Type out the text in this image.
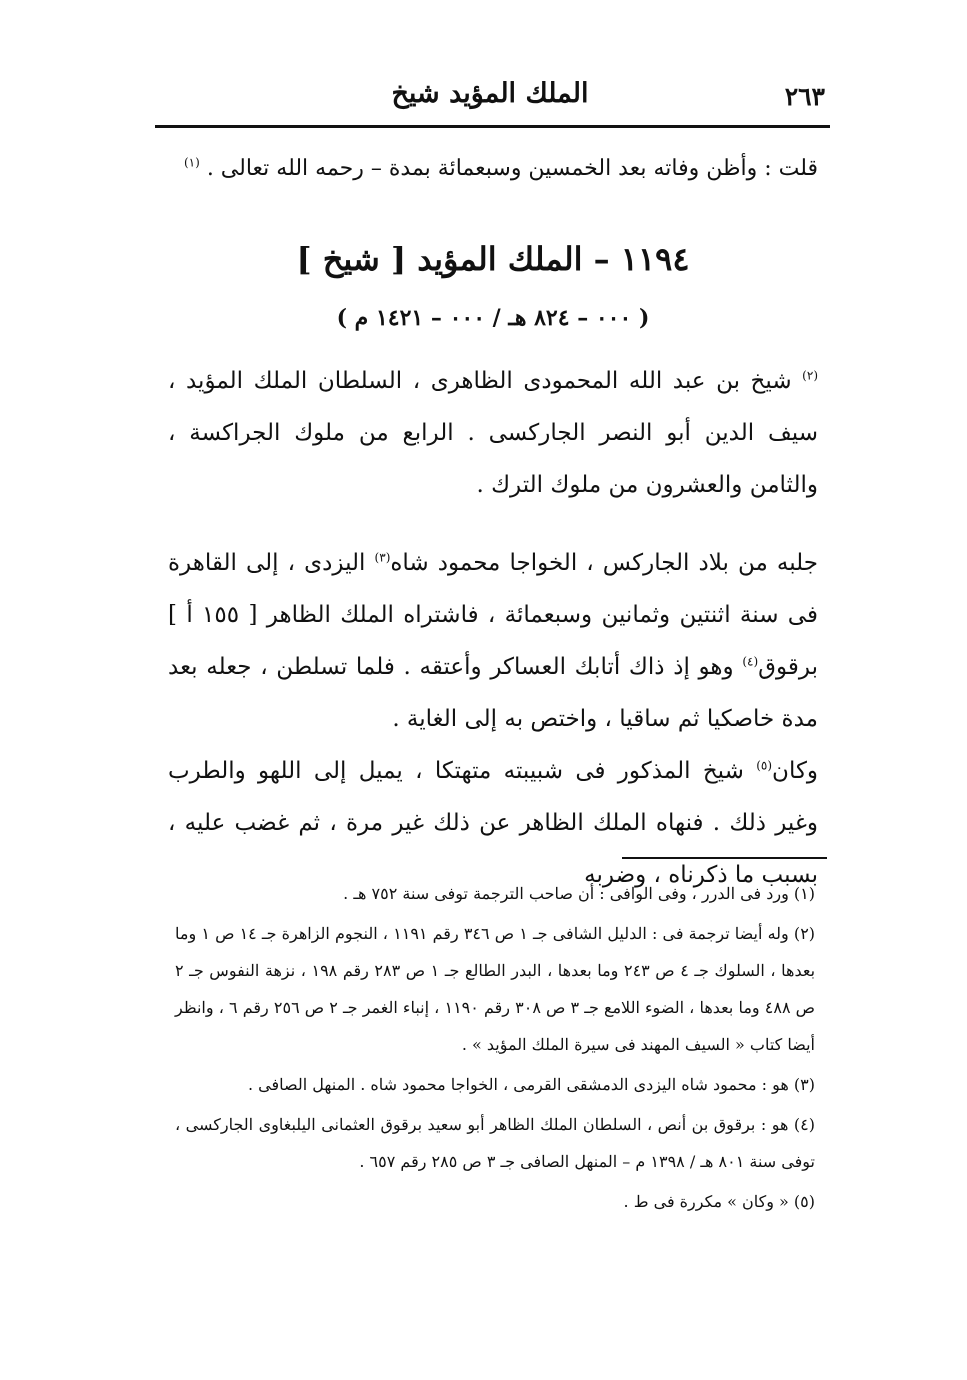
الملك المؤيد شيخ	٢٦٣
قلت : وأظن وفاته بعد الخمسين وسبعمائة بمدة – رحمه الله تعالى . $^{(١)}$
١١٩٤ – الملك المؤيد [ شيخ ]
( ٠٠٠ – ٨٢٤ هـ / ٠٠٠ – ١٤٢١ م )
$^{(٢)}$ شيخ بن عبد الله المحمودى الظاهرى ، السلطان الملك المؤيد ، سيف الدين أبو النصر الجاركسى . الرابع من ملوك الجراكسة ، والثامن والعشرون من ملوك الترك .
جلبه من بلاد الجاركس ، الخواجا محمود شاه$^{(٣)}$ اليزدى ، إلى القاهرة فى سنة اثنتين وثمانين وسبعمائة ، فاشتراه الملك الظاهر [ ١٥٥ أ ] برقوق$^{(٤)}$ وهو إذ ذاك أتابك العساكر وأعتقه . فلما تسلطن ، جعله بعد مدة خاصكيا ثم ساقيا ، واختص به إلى الغاية .
وكان$^{(٥)}$ شيخ المذكور فى شبيبته متهتكا ، يميل إلى اللهو والطرب وغير ذلك . فنهاه الملك الظاهر عن ذلك غير مرة ، ثم غضب عليه ، بسبب ما ذكرناه ، وضربه

(١) ورد فى الدرر ، وفى الوافى : أن صاحب الترجمة توفى سنة ٧٥٢ هـ .

(٢) وله أيضا ترجمة فى : الدليل الشافى جـ ١ ص ٣٤٦ رقم ١١٩١ ، النجوم الزاهرة جـ ١٤ ص ١ وما بعدها ، السلوك جـ ٤ ص ٢٤٣ وما بعدها ، البدر الطالع جـ ١ ص ٢٨٣ رقم ١٩٨ ، نزهة النفوس جـ ٢ ص ٤٨٨ وما بعدها ، الضوء اللامع جـ ٣ ص ٣٠٨ رقم ١١٩٠ ، إنباء الغمر جـ ٢ ص ٢٥٦ رقم ٦ ، وانظر أيضا كتاب « السيف المهند فى سيرة الملك المؤيد » .

(٣) هو : محمود شاه اليزدى الدمشقى القرمى ، الخواجا محمود شاه . المنهل الصافى .

(٤) هو : برقوق بن أنص ، السلطان الملك الظاهر أبو سعيد برقوق العثمانى اليلبغاوى الجاركسى ، توفى سنة ٨٠١ هـ / ١٣٩٨ م – المنهل الصافى جـ ٣ ص ٢٨٥ رقم ٦٥٧ .

(٥) « وكان » مكررة فى ط .
